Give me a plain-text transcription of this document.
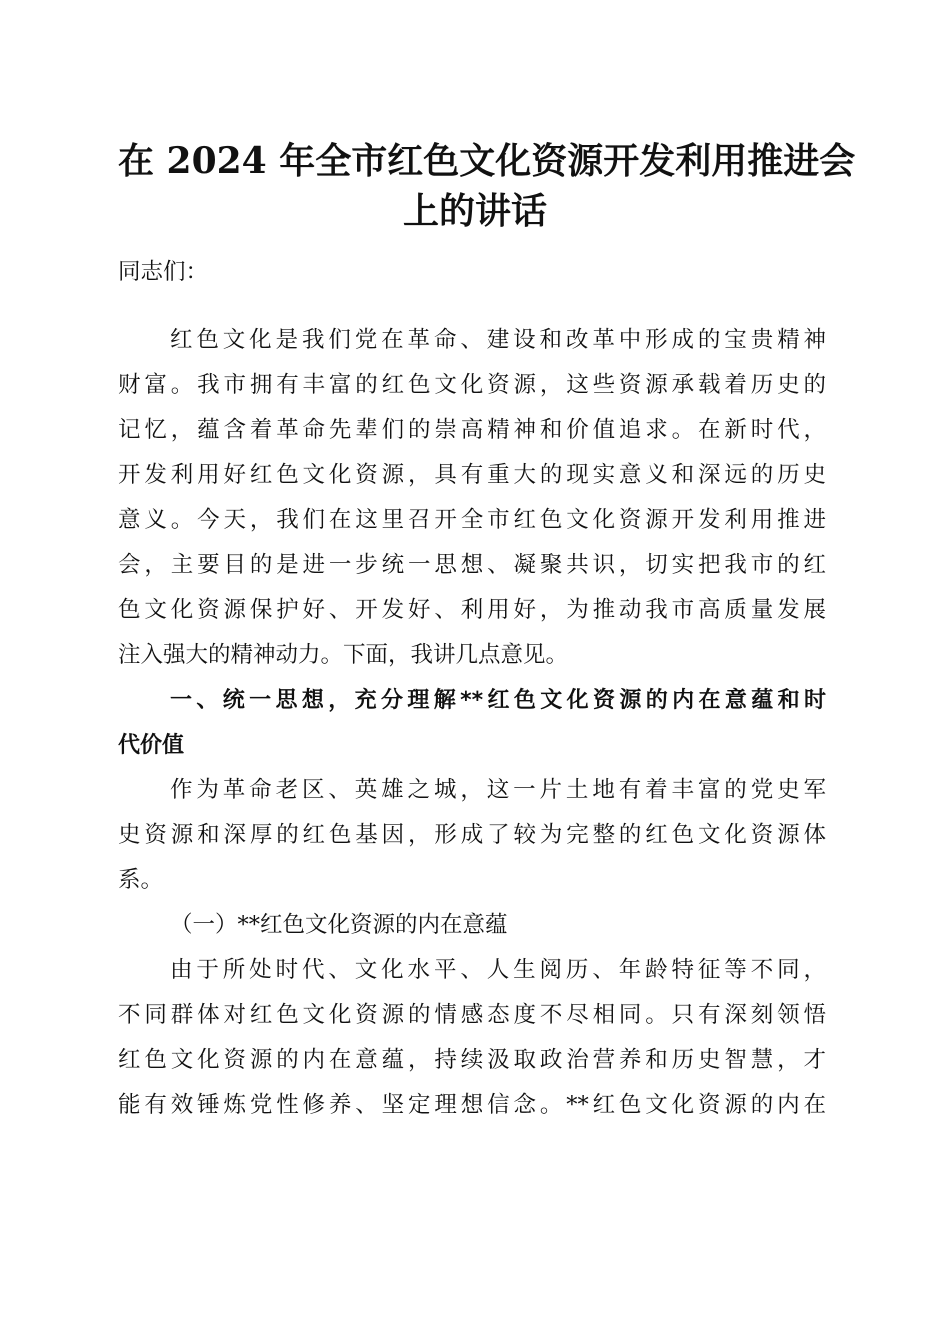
在 2024 年全市红色文化资源开发利用推进会
上的讲话
同志们：
红色文化是我们党在革命、建设和改革中形成的宝贵精神
财富。我市拥有丰富的红色文化资源，这些资源承载着历史的
记忆，蕴含着革命先辈们的崇高精神和价值追求。在新时代，
开发利用好红色文化资源，具有重大的现实意义和深远的历史
意义。今天，我们在这里召开全市红色文化资源开发利用推进
会，主要目的是进一步统一思想、凝聚共识，切实把我市的红
色文化资源保护好、开发好、利用好，为推动我市高质量发展
注入强大的精神动力。下面，我讲几点意见。
一、统一思想，充分理解**红色文化资源的内在意蕴和时
代价值
作为革命老区、英雄之城，这一片土地有着丰富的党史军
史资源和深厚的红色基因，形成了较为完整的红色文化资源体
系。
（一）**红色文化资源的内在意蕴
由于所处时代、文化水平、人生阅历、年龄特征等不同，
不同群体对红色文化资源的情感态度不尽相同。只有深刻领悟
红色文化资源的内在意蕴，持续汲取政治营养和历史智慧，才
能有效锤炼党性修养、坚定理想信念。**红色文化资源的内在
